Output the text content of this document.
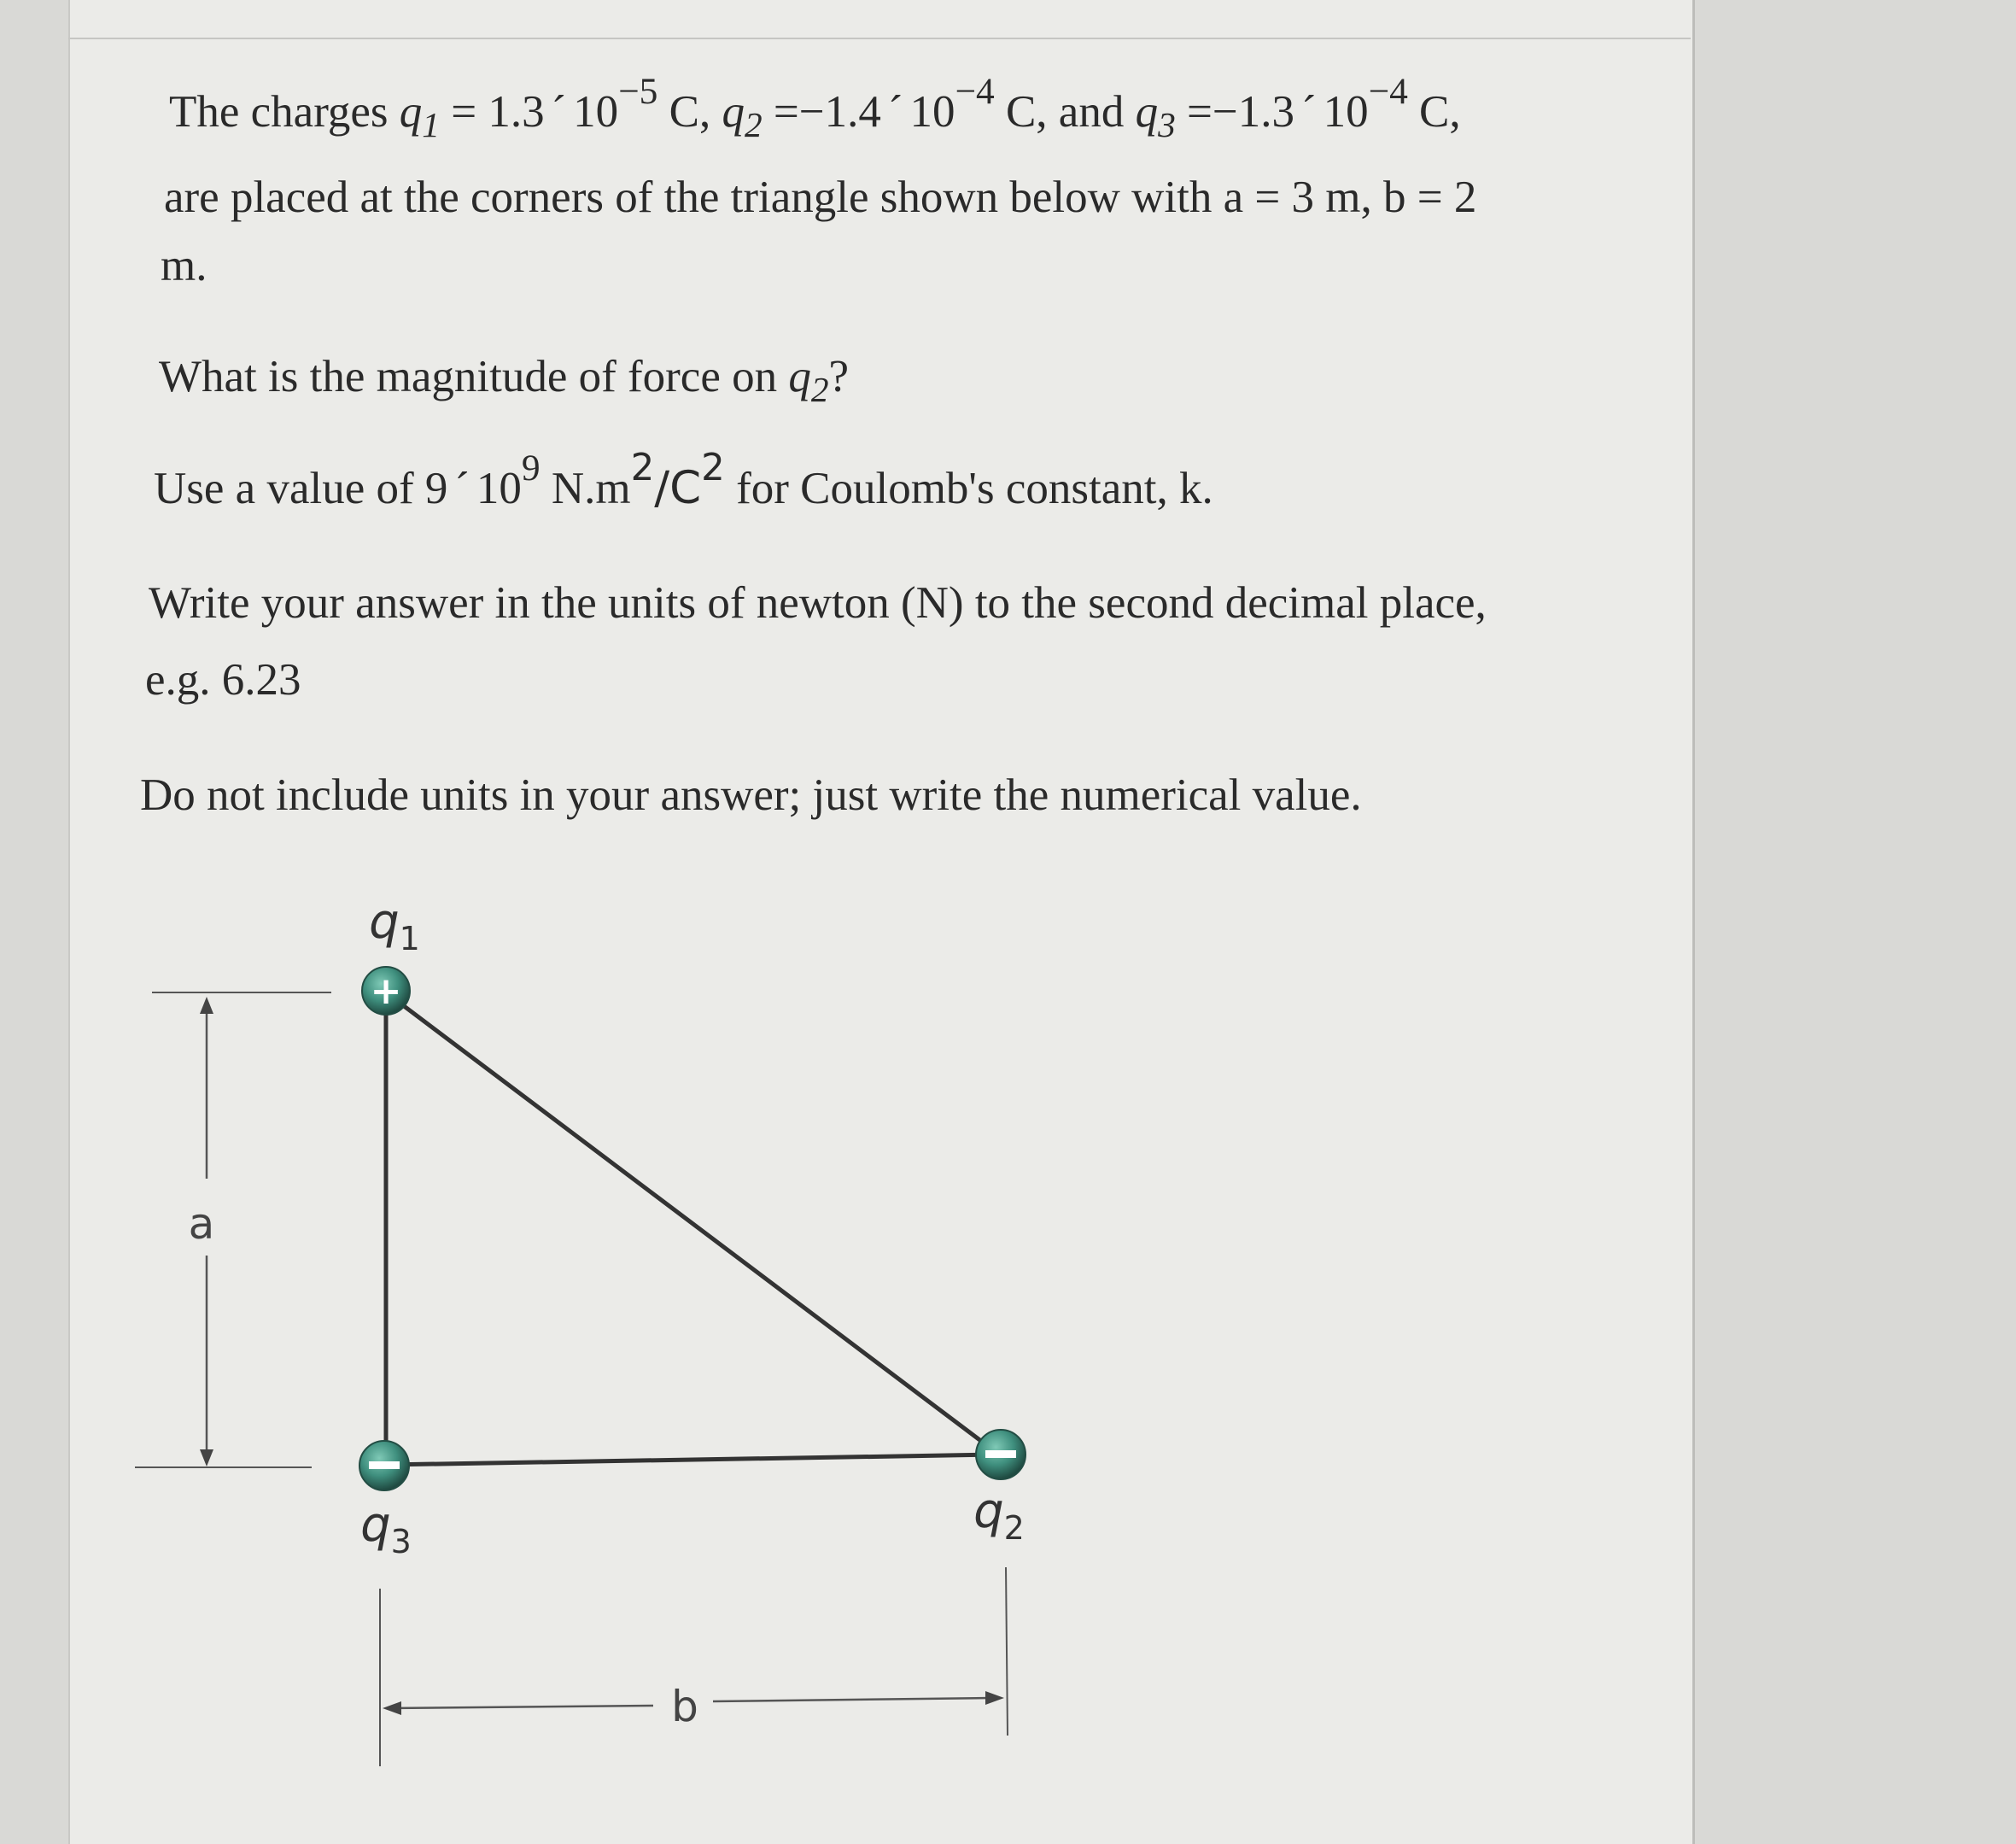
The charges $q_1 = 1.3$ ´ $10^{-5}$ C, $q_2 =-1.4$ ´ $10^{-4}$ C, and $q_3 =-1.3$ ´ $10^{-4}$ C,
are placed at the corners of the triangle shown below with a = 3 m, b = 2
m.
What is the magnitude of force on $q_2$?
Use a value of 9 ´ $10^9$ $N.m^2/C^2$ for Coulomb's constant, k.
Write your answer in the units of newton (N) to the second decimal place,
e.g. 6.23
Do not include units in your answer; just write the numerical value.
a
$q_1$
+
$q_3$
$q_2$
b
